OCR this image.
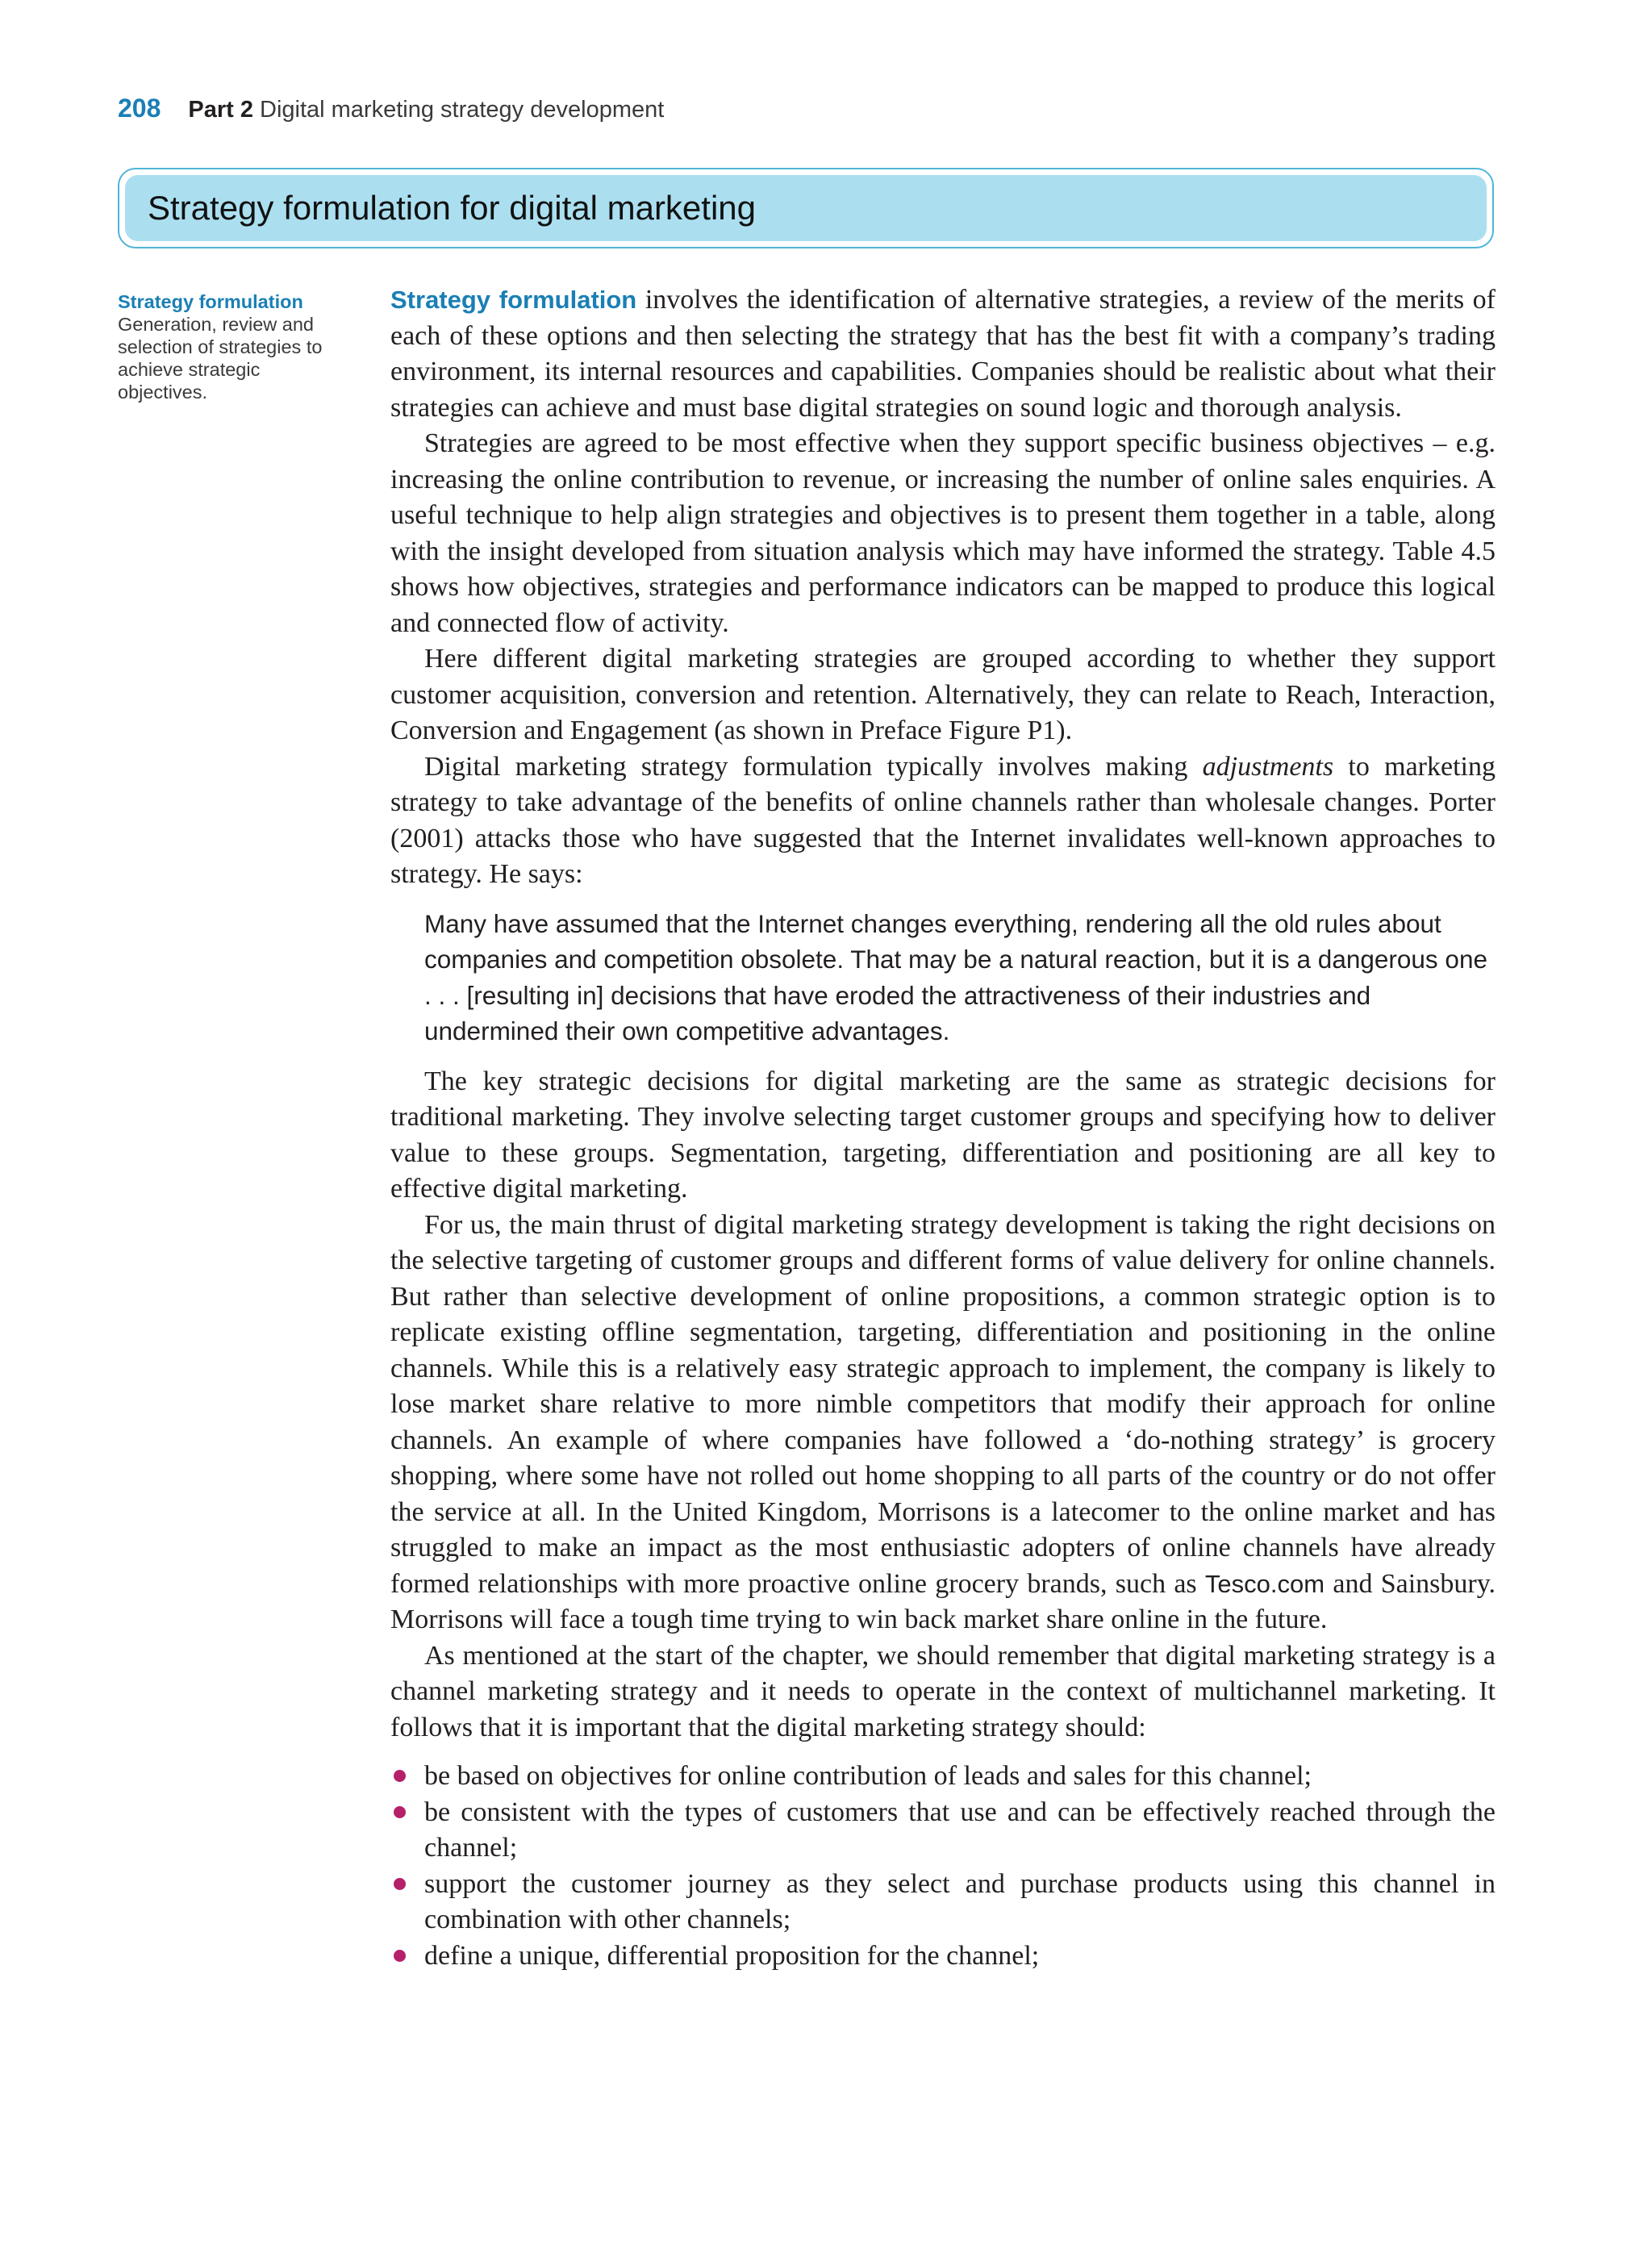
208 Part 2 Digital marketing strategy development
Strategy formulation for digital marketing
Strategy formulation
Generation, review and selection of strategies to achieve strategic objectives.

Strategy formulation involves the identification of alternative strategies, a review of the merits of each of these options and then selecting the strategy that has the best fit with a company’s trading environment, its internal resources and capabilities. Companies should be realistic about what their strategies can achieve and must base digital strategies on sound logic and thorough analysis.

Strategies are agreed to be most effective when they support specific business objectives – e.g. increasing the online contribution to revenue, or increasing the number of online sales enquiries. A useful technique to help align strategies and objectives is to present them together in a table, along with the insight developed from situation analysis which may have informed the strategy. Table 4.5 shows how objectives, strategies and performance indicators can be mapped to produce this logical and connected flow of activity.

Here different digital marketing strategies are grouped according to whether they support customer acquisition, conversion and retention. Alternatively, they can relate to Reach, Interaction, Conversion and Engagement (as shown in Preface Figure P1).

Digital marketing strategy formulation typically involves making adjustments to marketing strategy to take advantage of the benefits of online channels rather than wholesale changes. Porter (2001) attacks those who have suggested that the Internet invalidates well-known approaches to strategy. He says:

Many have assumed that the Internet changes everything, rendering all the old rules about companies and competition obsolete. That may be a natural reaction, but it is a dangerous one . . . [resulting in] decisions that have eroded the attractiveness of their industries and undermined their own competitive advantages.

The key strategic decisions for digital marketing are the same as strategic decisions for traditional marketing. They involve selecting target customer groups and specifying how to deliver value to these groups. Segmentation, targeting, differentiation and positioning are all key to effective digital marketing.

For us, the main thrust of digital marketing strategy development is taking the right decisions on the selective targeting of customer groups and different forms of value delivery for online channels. But rather than selective development of online propositions, a common strategic option is to replicate existing offline segmentation, targeting, differentiation and positioning in the online channels. While this is a relatively easy strategic approach to implement, the company is likely to lose market share relative to more nimble competitors that modify their approach for online channels. An example of where companies have followed a ‘do-nothing strategy’ is grocery shopping, where some have not rolled out home shopping to all parts of the country or do not offer the service at all. In the United Kingdom, Morrisons is a latecomer to the online market and has struggled to make an impact as the most enthusiastic adopters of online channels have already formed relationships with more proactive online grocery brands, such as Tesco.com and Sainsbury. Morrisons will face a tough time trying to win back market share online in the future.

As mentioned at the start of the chapter, we should remember that digital marketing strategy is a channel marketing strategy and it needs to operate in the context of multichannel marketing. It follows that it is important that the digital marketing strategy should:

be based on objectives for online contribution of leads and sales for this channel;
be consistent with the types of customers that use and can be effectively reached through the channel;
support the customer journey as they select and purchase products using this channel in combination with other channels;
define a unique, differential proposition for the channel;
